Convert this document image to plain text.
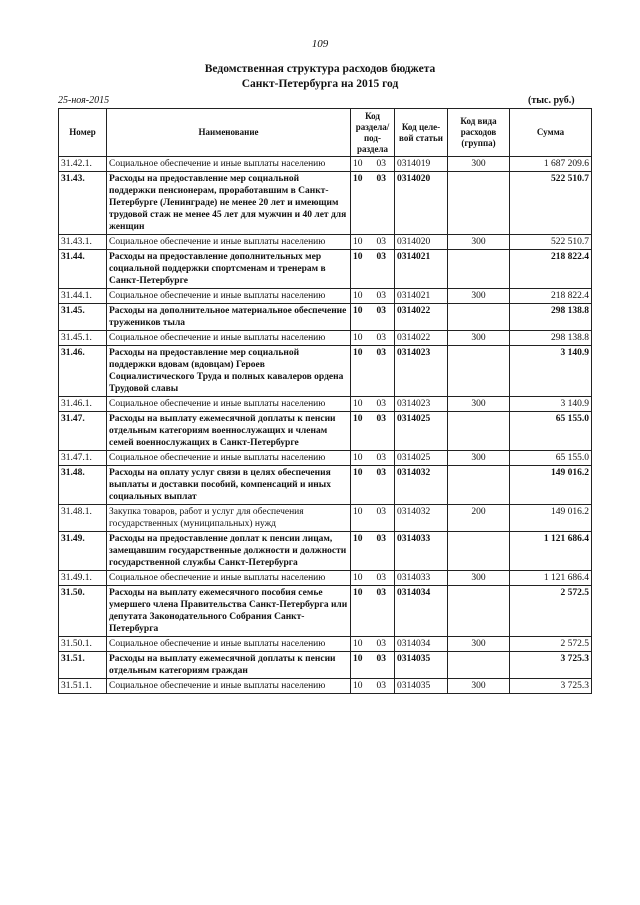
109
Ведомственная структура расходов бюджета
Санкт-Петербурга на 2015 год
25-ноя-2015	(тыс. руб.)
Номер	Наименование	Код раздела/ под-раздела		Код целе-вой статьи	Код вида расходов (группа)	Сумма
31.42.1.	Социальное обеспечение и иные выплаты населению	10	03	0314019	300	1 687 209.6
31.43.	Расходы на предоставление мер социальной поддержки пенсионерам, проработавшим в Санкт-Петербурге (Ленинграде) не менее 20 лет и имеющим трудовой стаж не менее 45 лет для мужчин и 40 лет для женщин	10	03	0314020		522 510.7
31.43.1.	Социальное обеспечение и иные выплаты населению	10	03	0314020	300	522 510.7
31.44.	Расходы на предоставление дополнительных мер социальной поддержки спортсменам и тренерам в Санкт-Петербурге	10	03	0314021		218 822.4
31.44.1.	Социальное обеспечение и иные выплаты населению	10	03	0314021	300	218 822.4
31.45.	Расходы на дополнительное материальное обеспечение тружеников тыла	10	03	0314022		298 138.8
31.45.1.	Социальное обеспечение и иные выплаты населению	10	03	0314022	300	298 138.8
31.46.	Расходы на предоставление мер социальной поддержки вдовам (вдовцам) Героев Социалистического Труда и полных кавалеров ордена Трудовой славы	10	03	0314023		3 140.9
31.46.1.	Социальное обеспечение и иные выплаты населению	10	03	0314023	300	3 140.9
31.47.	Расходы на выплату ежемесячной доплаты к пенсии отдельным категориям военнослужащих и членам семей военнослужащих в Санкт-Петербурге	10	03	0314025		65 155.0
31.47.1.	Социальное обеспечение и иные выплаты населению	10	03	0314025	300	65 155.0
31.48.	Расходы на оплату услуг связи в целях обеспечения выплаты и доставки пособий, компенсаций и иных социальных выплат	10	03	0314032		149 016.2
31.48.1.	Закупка товаров, работ и услуг для обеспечения государственных (муниципальных) нужд	10	03	0314032	200	149 016.2
31.49.	Расходы на предоставление доплат к пенсии лицам, замещавшим государственные должности и должности государственной службы Санкт-Петербурга	10	03	0314033		1 121 686.4
31.49.1.	Социальное обеспечение и иные выплаты населению	10	03	0314033	300	1 121 686.4
31.50.	Расходы на выплату ежемесячного пособия семье умершего члена Правительства Санкт-Петербурга или депутата Законодательного Собрания Санкт-Петербурга	10	03	0314034		2 572.5
31.50.1.	Социальное обеспечение и иные выплаты населению	10	03	0314034	300	2 572.5
31.51.	Расходы на выплату ежемесячной доплаты к пенсии отдельным категориям граждан	10	03	0314035		3 725.3
31.51.1.	Социальное обеспечение и иные выплаты населению	10	03	0314035	300	3 725.3
